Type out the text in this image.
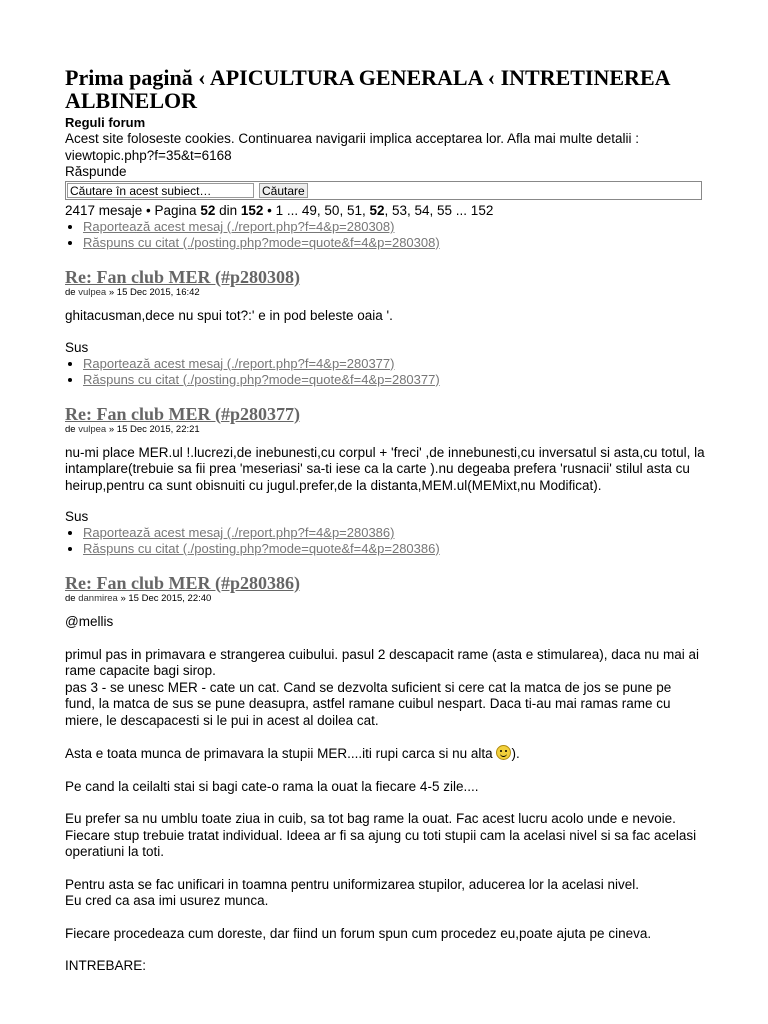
Prima pagină ‹ APICULTURA GENERALA ‹ INTRETINEREA ALBINELOR
Reguli forum
Acest site foloseste cookies. Continuarea navigarii implica acceptarea lor. Afla mai multe detalii : viewtopic.php?f=35&t=6168
Răspunde
Căutare în acest subiect…
Căutare
2417 mesaje • Pagina 52 din 152 • 1 ... 49, 50, 51, 52, 53, 54, 55 ... 152
• Raportează acest mesaj (./report.php?f=4&p=280308)
• Răspuns cu citat (./posting.php?mode=quote&f=4&p=280308)
Re: Fan club MER (#p280308)
de vulpea » 15 Dec 2015, 16:42

ghitacusman,dece nu spui tot?:' e in pod beleste oaia '.

Sus
• Raportează acest mesaj (./report.php?f=4&p=280377)
• Răspuns cu citat (./posting.php?mode=quote&f=4&p=280377)
Re: Fan club MER (#p280377)
de vulpea » 15 Dec 2015, 22:21

nu-mi place MER.ul !.lucrezi,de inebunesti,cu corpul + 'freci' ,de innebunesti,cu inversatul si asta,cu totul, la intamplare(trebuie sa fii prea 'meseriasi' sa-ti iese ca la carte ).nu degeaba prefera 'rusnacii' stilul asta cu heirup,pentru ca sunt obisnuiti cu jugul.prefer,de la distanta,MEM.ul(MEMixt,nu Modificat).

Sus
• Raportează acest mesaj (./report.php?f=4&p=280386)
• Răspuns cu citat (./posting.php?mode=quote&f=4&p=280386)
Re: Fan club MER (#p280386)
de danmirea » 15 Dec 2015, 22:40

@mellis

primul pas in primavara e strangerea cuibului. pasul 2 descapacit rame (asta e stimularea), daca nu mai ai rame capacite bagi sirop.
pas 3 - se unesc MER - cate un cat. Cand se dezvolta suficient si cere cat la matca de jos se pune pe fund, la matca de sus se pune deasupra, astfel ramane cuibul nespart. Daca ti-au mai ramas rame cu miere, le descapacesti si le pui in acest al doilea cat.

Asta e toata munca de primavara la stupii MER....iti rupi carca si nu alta ).

Pe cand la ceilalti stai si bagi cate-o rama la ouat la fiecare 4-5 zile....

Eu prefer sa nu umblu toate ziua in cuib, sa tot bag rame la ouat. Fac acest lucru acolo unde e nevoie. Fiecare stup trebuie tratat individual. Ideea ar fi sa ajung cu toti stupii cam la acelasi nivel si sa fac acelasi operatiuni la toti.

Pentru asta se fac unificari in toamna pentru uniformizarea stupilor, aducerea lor la acelasi nivel.
Eu cred ca asa imi usurez munca.

Fiecare procedeaza cum doreste, dar fiind un forum spun cum procedez eu,poate ajuta pe cineva.

INTREBARE:
